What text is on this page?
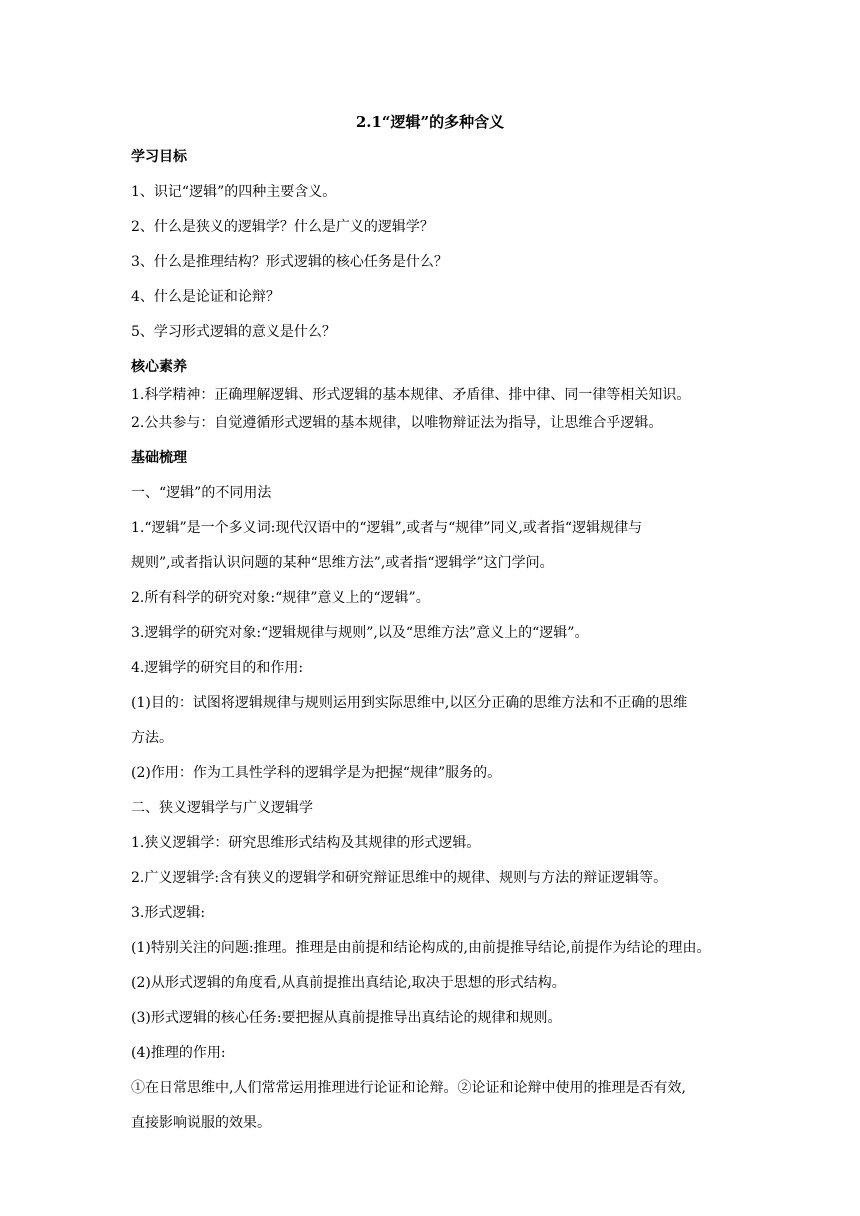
2.1“逻辑”的多种含义
学习目标
1、识记“逻辑”的四种主要含义。
2、什么是狭义的逻辑学？什么是广义的逻辑学？
3、什么是推理结构？形式逻辑的核心任务是什么？
4、什么是论证和论辩？
5、学习形式逻辑的意义是什么？
核心素养
1.科学精神：正确理解逻辑、形式逻辑的基本规律、矛盾律、排中律、同一律等相关知识。
2.公共参与：自觉遵循形式逻辑的基本规律，以唯物辩证法为指导，让思维合乎逻辑。
基础梳理
一、“逻辑”的不同用法
1.“逻辑”是一个多义词:现代汉语中的“逻辑”,或者与“规律”同义,或者指“逻辑规律与
规则”,或者指认识问题的某种“思维方法”,或者指“逻辑学”这门学问。
2.所有科学的研究对象:“规律”意义上的“逻辑”。
3.逻辑学的研究对象:“逻辑规律与规则”,以及“思维方法”意义上的“逻辑”。
4.逻辑学的研究目的和作用:
(1)目的：试图将逻辑规律与规则运用到实际思维中,以区分正确的思维方法和不正确的思维
方法。
(2)作用：作为工具性学科的逻辑学是为把握“规律”服务的。
二、狭义逻辑学与广义逻辑学
1.狭义逻辑学：研究思维形式结构及其规律的形式逻辑。
2.广义逻辑学:含有狭义的逻辑学和研究辩证思维中的规律、规则与方法的辩证逻辑等。
3.形式逻辑:
(1)特别关注的问题:推理。推理是由前提和结论构成的,由前提推导结论,前提作为结论的理由。
(2)从形式逻辑的角度看,从真前提推出真结论,取决于思想的形式结构。
(3)形式逻辑的核心任务:要把握从真前提推导出真结论的规律和规则。
(4)推理的作用:
①在日常思维中,人们常常运用推理进行论证和论辩。②论证和论辩中使用的推理是否有效,
直接影响说服的效果。
